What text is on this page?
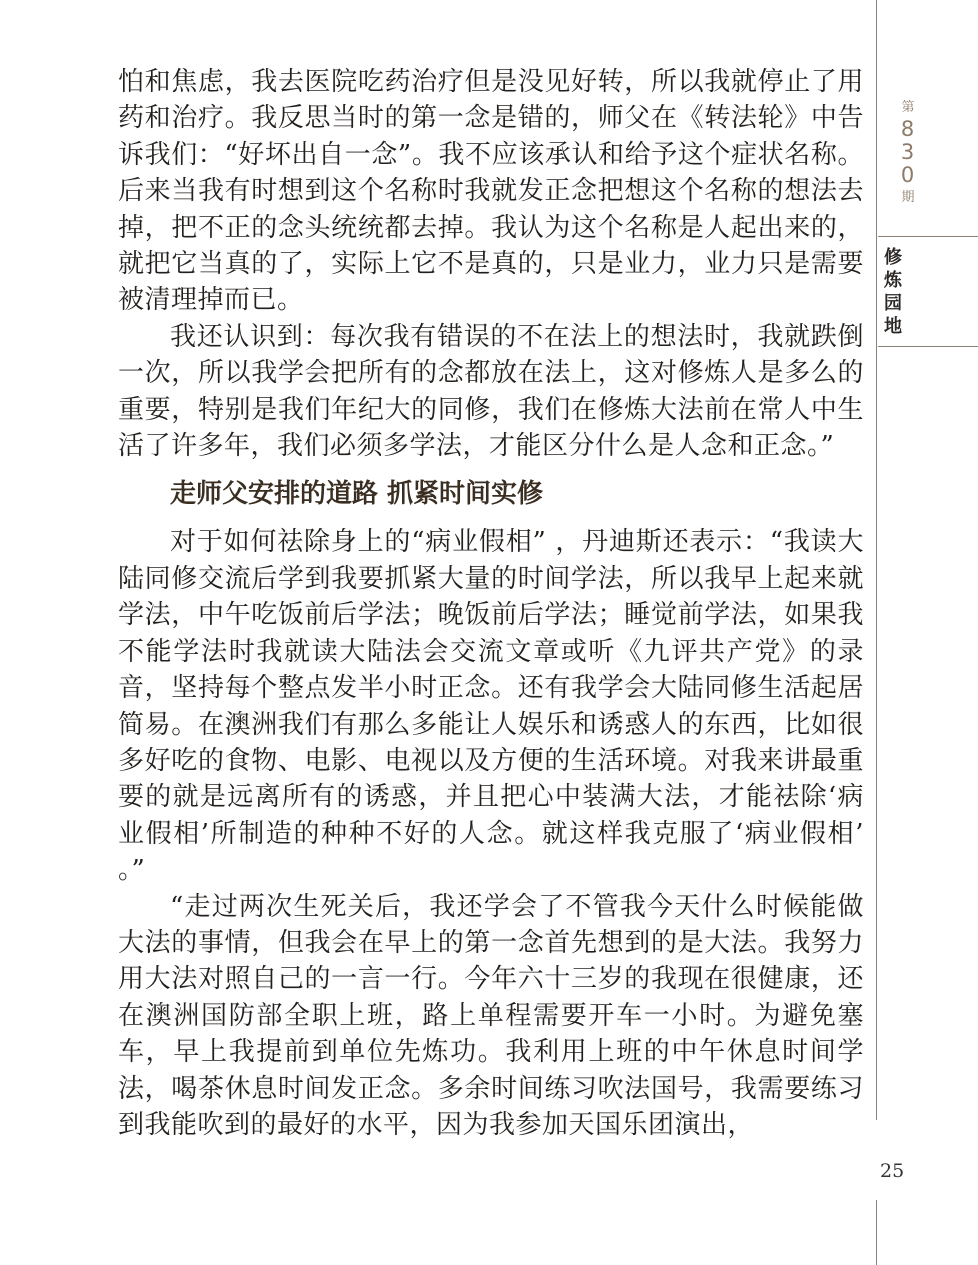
第
8
3
0
期
修
炼
园
地

怕和焦虑，我去医院吃药治疗但是没见好转，所以我就停止了用药和治疗。我反思当时的第一念是错的，师父在《转法轮》中告诉我们：“好坏出自一念”。我不应该承认和给予这个症状名称。后来当我有时想到这个名称时我就发正念把想这个名称的想法去掉，把不正的念头统统都去掉。我认为这个名称是人起出来的，就把它当真的了，实际上它不是真的，只是业力，业力只是需要被清理掉而已。

我还认识到：每次我有错误的不在法上的想法时，我就跌倒一次，所以我学会把所有的念都放在法上，这对修炼人是多么的重要，特别是我们年纪大的同修，我们在修炼大法前在常人中生活了许多年，我们必须多学法，才能区分什么是人念和正念。”

走师父安排的道路 抓紧时间实修

对于如何祛除身上的“病业假相” ，丹迪斯还表示：“我读大陆同修交流后学到我要抓紧大量的时间学法，所以我早上起来就学法，中午吃饭前后学法；晚饭前后学法；睡觉前学法，如果我不能学法时我就读大陆法会交流文章或听《九评共产党》的录音，坚持每个整点发半小时正念。还有我学会大陆同修生活起居简易。在澳洲我们有那么多能让人娱乐和诱惑人的东西，比如很多好吃的食物、电影、电视以及方便的生活环境。对我来讲最重要的就是远离所有的诱惑，并且把心中装满大法，才能祛除‘病业假相’所制造的种种不好的人念。就这样我克服了‘病业假相’ 。”

“走过两次生死关后，我还学会了不管我今天什么时候能做大法的事情，但我会在早上的第一念首先想到的是大法。我努力用大法对照自己的一言一行。今年六十三岁的我现在很健康，还在澳洲国防部全职上班，路上单程需要开车一小时。为避免塞车，早上我提前到单位先炼功。我利用上班的中午休息时间学法，喝茶休息时间发正念。多余时间练习吹法国号，我需要练习到我能吹到的最好的水平，因为我参加天国乐团演出，

25
